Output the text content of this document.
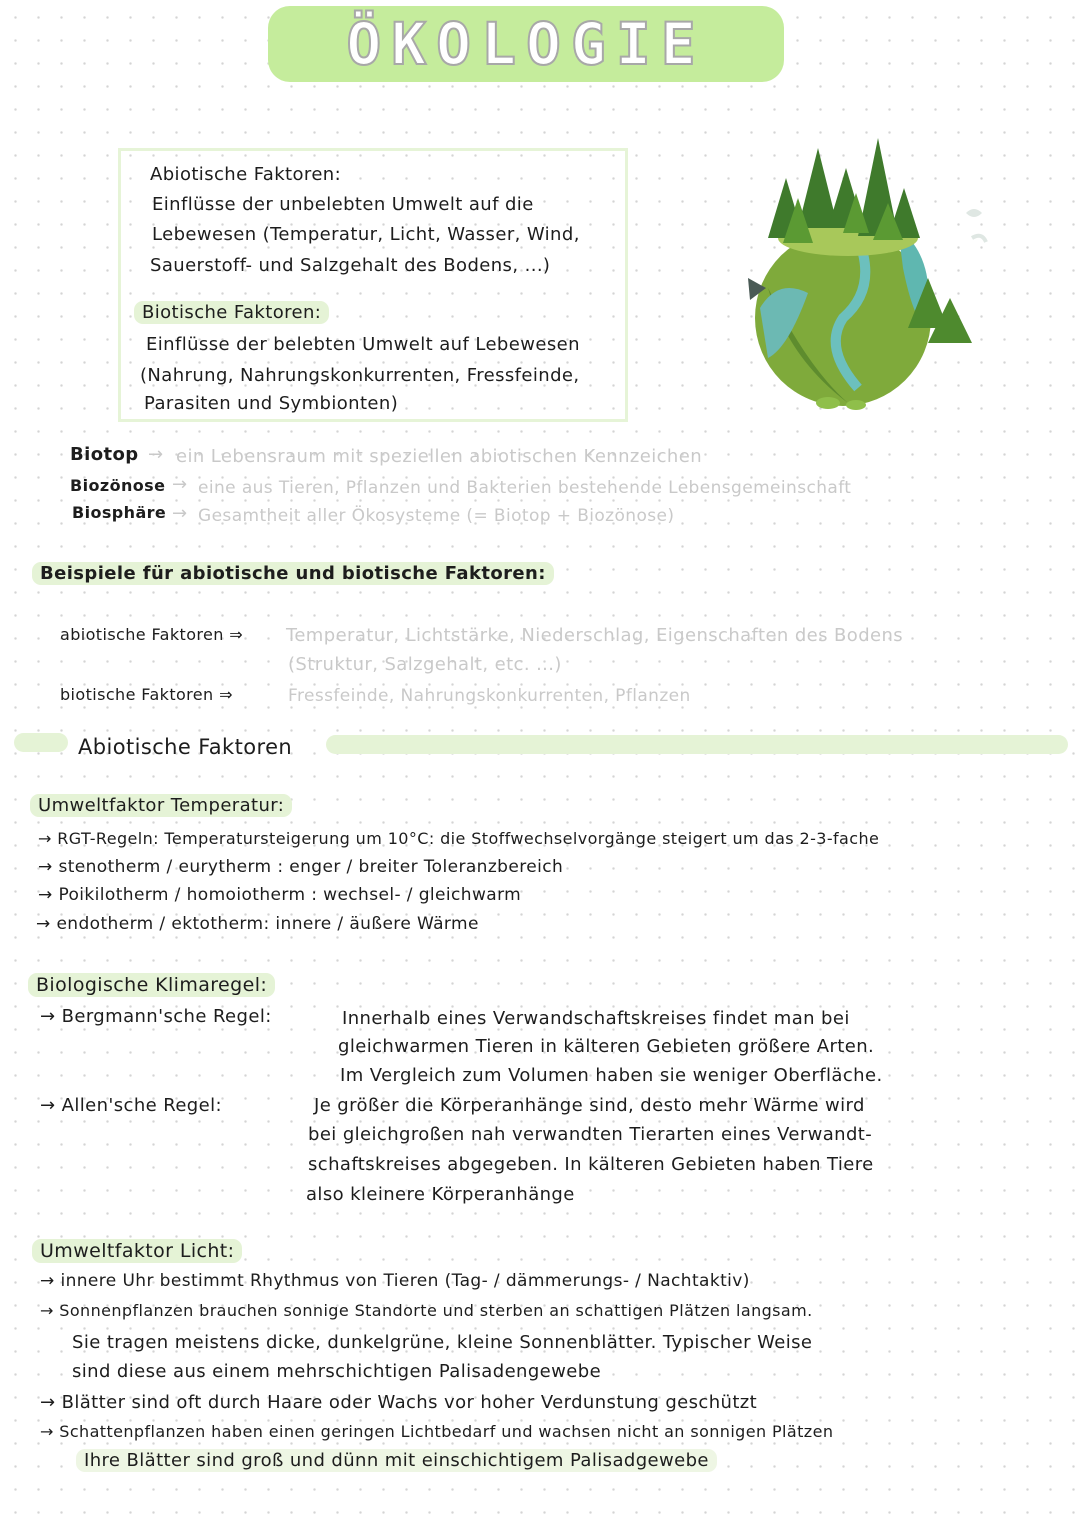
ÖKOLOGIE
Abiotische Faktoren:
Einflüsse der unbelebten Umwelt auf die
Lebewesen (Temperatur, Licht, Wasser, Wind,
Sauerstoff- und Salzgehalt des Bodens, ...)
Biotische Faktoren:
Einflüsse der belebten Umwelt auf Lebewesen
(Nahrung, Nahrungskonkurrenten, Fressfeinde,
Parasiten und Symbionten)
Biotop → ein Lebensraum mit speziellen abiotischen Kennzeichen
Biozönose → eine aus Tieren, Pflanzen und Bakterien bestehende Lebensgemeinschaft
Biosphäre → Gesamtheit aller Ökosysteme (= Biotop + Biozönose)
Beispiele für abiotische und biotische Faktoren:
abiotische Faktoren ⇒ Temperatur, Lichtstärke, Niederschlag, Eigenschaften des Bodens
(Struktur, Salzgehalt, etc. ...)
biotische Faktoren ⇒	Fressfeinde, Nahrungskonkurrenten, Pflanzen
Abiotische Faktoren
Umweltfaktor Temperatur:
→ RGT-Regeln: Temperatursteigerung um 10°C: die Stoffwechselvorgänge steigert um das 2-3-fache
→ stenotherm / eurytherm : enger / breiter Toleranzbereich
→ Poikilotherm / homoiotherm : wechsel- / gleichwarm
→ endotherm / ektotherm: innere / äußere Wärme
Biologische Klimaregel:
→ Bergmann'sche Regel:	Innerhalb eines Verwandschaftskreises findet man bei
gleichwarmen Tieren in kälteren Gebieten größere Arten.
Im Vergleich zum Volumen haben sie weniger Oberfläche.
→ Allen'sche Regel:	Je größer die Körperanhänge sind, desto mehr Wärme wird
bei gleichgroßen nah verwandten Tierarten eines Verwandt-
schaftskreises abgegeben. In kälteren Gebieten haben Tiere
also kleinere Körperanhänge
Umweltfaktor Licht:
→ innere Uhr bestimmt Rhythmus von Tieren (Tag- / dämmerungs- / Nachtaktiv)
→ Sonnenpflanzen brauchen sonnige Standorte und sterben an schattigen Plätzen langsam.
Sie tragen meistens dicke, dunkelgrüne, kleine Sonnenblätter. Typischer Weise
sind diese aus einem mehrschichtigen Palisadengewebe
→ Blätter sind oft durch Haare oder Wachs vor hoher Verdunstung geschützt
→ Schattenpflanzen haben einen geringen Lichtbedarf und wachsen nicht an sonnigen Plätzen
Ihre Blätter sind groß und dünn mit einschichtigem Palisadgewebe
